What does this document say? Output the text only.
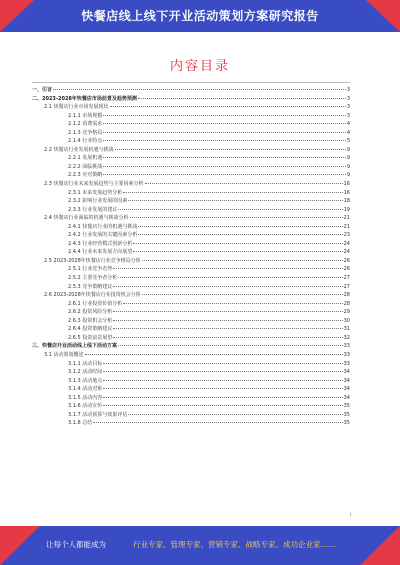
快餐店线上线下开业活动策划方案研究报告
内容目录
一、引言	3
二、2023-2028年快餐店市场前景及趋势预测	3
2.1 快餐店行业市场发展现状	3
2.1.1 市场规模	3
2.1.2 消费需求	4
2.1.3 竞争格局	4
2.1.4 行业特点	5
2.2 快餐店行业发展机遇与挑战	9
2.2.1 发展机遇	9
2.2.2 面临挑战	9
2.2.3 应对策略	9
2.3 快餐店行业未来发展趋势与主要因素分析	16
2.3.1 未来发展趋势分析	16
2.3.2 影响行业发展的因素	18
2.3.3 行业发展的建议	19
2.4 快餐店行业面临的机遇与挑战分析	21
2.4.1 快餐店行业的机遇与挑战	21
2.4.2 行业发展的关键因素分析	23
2.4.3 行业经营模式创新分析	24
2.4.4 行业未来发展方向展望	24
2.5 2023-2028年快餐店行业竞争格局分析	26
2.5.1 行业竞争态势	26
2.5.2 主要竞争者分析	27
2.5.3 竞争策略建议	27
2.6 2023-2028年快餐店行业投资机会分析	28
2.6.1 行业投资价值分析	28
2.6.2 投资风险分析	29
2.6.3 投资机会分析	30
2.6.4 投资策略建议	31
2.6.5 投资前景展望	32
三、快餐店开业活动线上线下活动方案	33
3.1 活动策划概述	33
3.1.1 活动目标	33
3.1.2 活动时间	34
3.1.3 活动地点	34
3.1.4 活动对象	34
3.1.5 活动内容	34
3.1.6 活动宣传	35
3.1.7 活动预算与效果评估	35
3.1.8 总结	35
1
让每个人都能成为	行业专家、管理专家、营销专家、战略专家、成功企业家……
